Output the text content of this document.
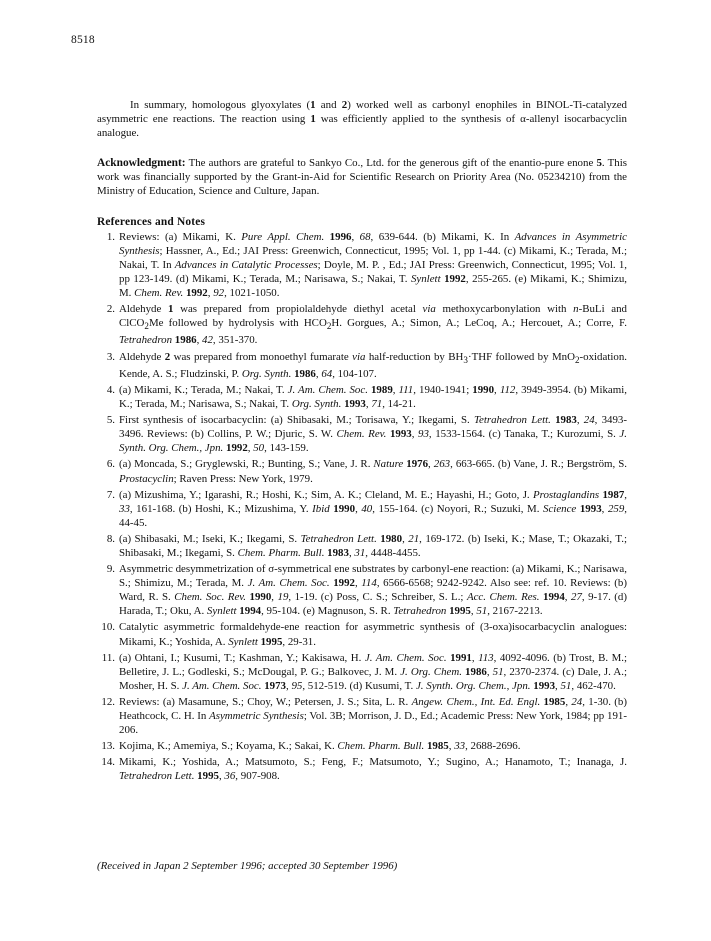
8518

In summary, homologous glyoxylates (1 and 2) worked well as carbonyl enophiles in BINOL-Ti-catalyzed asymmetric ene reactions. The reaction using 1 was efficiently applied to the synthesis of α-allenyl isocarbacyclin analogue.

Acknowledgment: The authors are grateful to Sankyo Co., Ltd. for the generous gift of the enantio-pure enone 5. This work was financially supported by the Grant-in-Aid for Scientific Research on Priority Area (No. 05234210) from the Ministry of Education, Science and Culture, Japan.

References and Notes
1. Reviews: (a) Mikami, K. Pure Appl. Chem. 1996, 68, 639-644. (b) Mikami, K. In Advances in Asymmetric Synthesis; Hassner, A., Ed.; JAI Press: Greenwich, Connecticut, 1995; Vol. 1, pp 1-44. (c) Mikami, K.; Terada, M.; Nakai, T. In Advances in Catalytic Processes; Doyle, M. P. , Ed.; JAI Press: Greenwich, Connecticut, 1995; Vol. 1, pp 123-149. (d) Mikami, K.; Terada, M.; Narisawa, S.; Nakai, T. Synlett 1992, 255-265. (e) Mikami, K.; Shimizu, M. Chem. Rev. 1992, 92, 1021-1050.
2. Aldehyde 1 was prepared from propiolaldehyde diethyl acetal via methoxycarbonylation with n-BuLi and ClCO$_2$Me followed by hydrolysis with $HCO_2H$. Gorgues, A.; Simon, A.; LeCoq, A.; Hercouet, A.; Corre, F. Tetrahedron 1986, 42, 351-370.
3. Aldehyde 2 was prepared from monoethyl fumarate via half-reduction by $BH_3\cdot THF$ followed by MnO$_2$-oxidation. Kende, A. S.; Fludzinski, P. Org. Synth. 1986, 64, 104-107.
4. (a) Mikami, K.; Terada, M.; Nakai, T. J. Am. Chem. Soc. 1989, 111, 1940-1941; 1990, 112, 3949-3954. (b) Mikami, K.; Terada, M.; Narisawa, S.; Nakai, T. Org. Synth. 1993, 71, 14-21.
5. First synthesis of isocarbacyclin: (a) Shibasaki, M.; Torisawa, Y.; Ikegami, S. Tetrahedron Lett. 1983, 24, 3493-3496. Reviews: (b) Collins, P. W.; Djuric, S. W. Chem. Rev. 1993, 93, 1533-1564. (c) Tanaka, T.; Kurozumi, S. J. Synth. Org. Chem., Jpn. 1992, 50, 143-159.
6. (a) Moncada, S.; Gryglewski, R.; Bunting, S.; Vane, J. R. Nature 1976, 263, 663-665. (b) Vane, J. R.; Bergström, S. Prostacyclin; Raven Press: New York, 1979.
7. (a) Mizushima, Y.; Igarashi, R.; Hoshi, K.; Sim, A. K.; Cleland, M. E.; Hayashi, H.; Goto, J. Prostaglandins 1987, 33, 161-168. (b) Hoshi, K.; Mizushima, Y. Ibid 1990, 40, 155-164. (c) Noyori, R.; Suzuki, M. Science 1993, 259, 44-45.
8. (a) Shibasaki, M.; Iseki, K.; Ikegami, S. Tetrahedron Lett. 1980, 21, 169-172. (b) Iseki, K.; Mase, T.; Okazaki, T.; Shibasaki, M.; Ikegami, S. Chem. Pharm. Bull. 1983, 31, 4448-4455.
9. Asymmetric desymmetrization of σ-symmetrical ene substrates by carbonyl-ene reaction: (a) Mikami, K.; Narisawa, S.; Shimizu, M.; Terada, M. J. Am. Chem. Soc. 1992, 114, 6566-6568; 9242-9242. Also see: ref. 10. Reviews: (b) Ward, R. S. Chem. Soc. Rev. 1990, 19, 1-19. (c) Poss, C. S.; Schreiber, S. L.; Acc. Chem. Res. 1994, 27, 9-17. (d) Harada, T.; Oku, A. Synlett 1994, 95-104. (e) Magnuson, S. R. Tetrahedron 1995, 51, 2167-2213.
10. Catalytic asymmetric formaldehyde-ene reaction for asymmetric synthesis of (3-oxa)isocarbacyclin analogues: Mikami, K.; Yoshida, A. Synlett 1995, 29-31.
11. (a) Ohtani, I.; Kusumi, T.; Kashman, Y.; Kakisawa, H. J. Am. Chem. Soc. 1991, 113, 4092-4096. (b) Trost, B. M.; Belletire, J. L.; Godleski, S.; McDougal, P. G.; Balkovec, J. M. J. Org. Chem. 1986, 51, 2370-2374. (c) Dale, J. A.; Mosher, H. S. J. Am. Chem. Soc. 1973, 95, 512-519. (d) Kusumi, T. J. Synth. Org. Chem., Jpn. 1993, 51, 462-470.
12. Reviews: (a) Masamune, S.; Choy, W.; Petersen, J. S.; Sita, L. R. Angew. Chem., Int. Ed. Engl. 1985, 24, 1-30. (b) Heathcock, C. H. In Asymmetric Synthesis; Vol. 3B; Morrison, J. D., Ed.; Academic Press: New York, 1984; pp 191-206.
13. Kojima, K.; Amemiya, S.; Koyama, K.; Sakai, K. Chem. Pharm. Bull. 1985, 33, 2688-2696.
14. Mikami, K.; Yoshida, A.; Matsumoto, S.; Feng, F.; Matsumoto, Y.; Sugino, A.; Hanamoto, T.; Inanaga, J. Tetrahedron Lett. 1995, 36, 907-908.
(Received in Japan 2 September 1996; accepted 30 September 1996)
